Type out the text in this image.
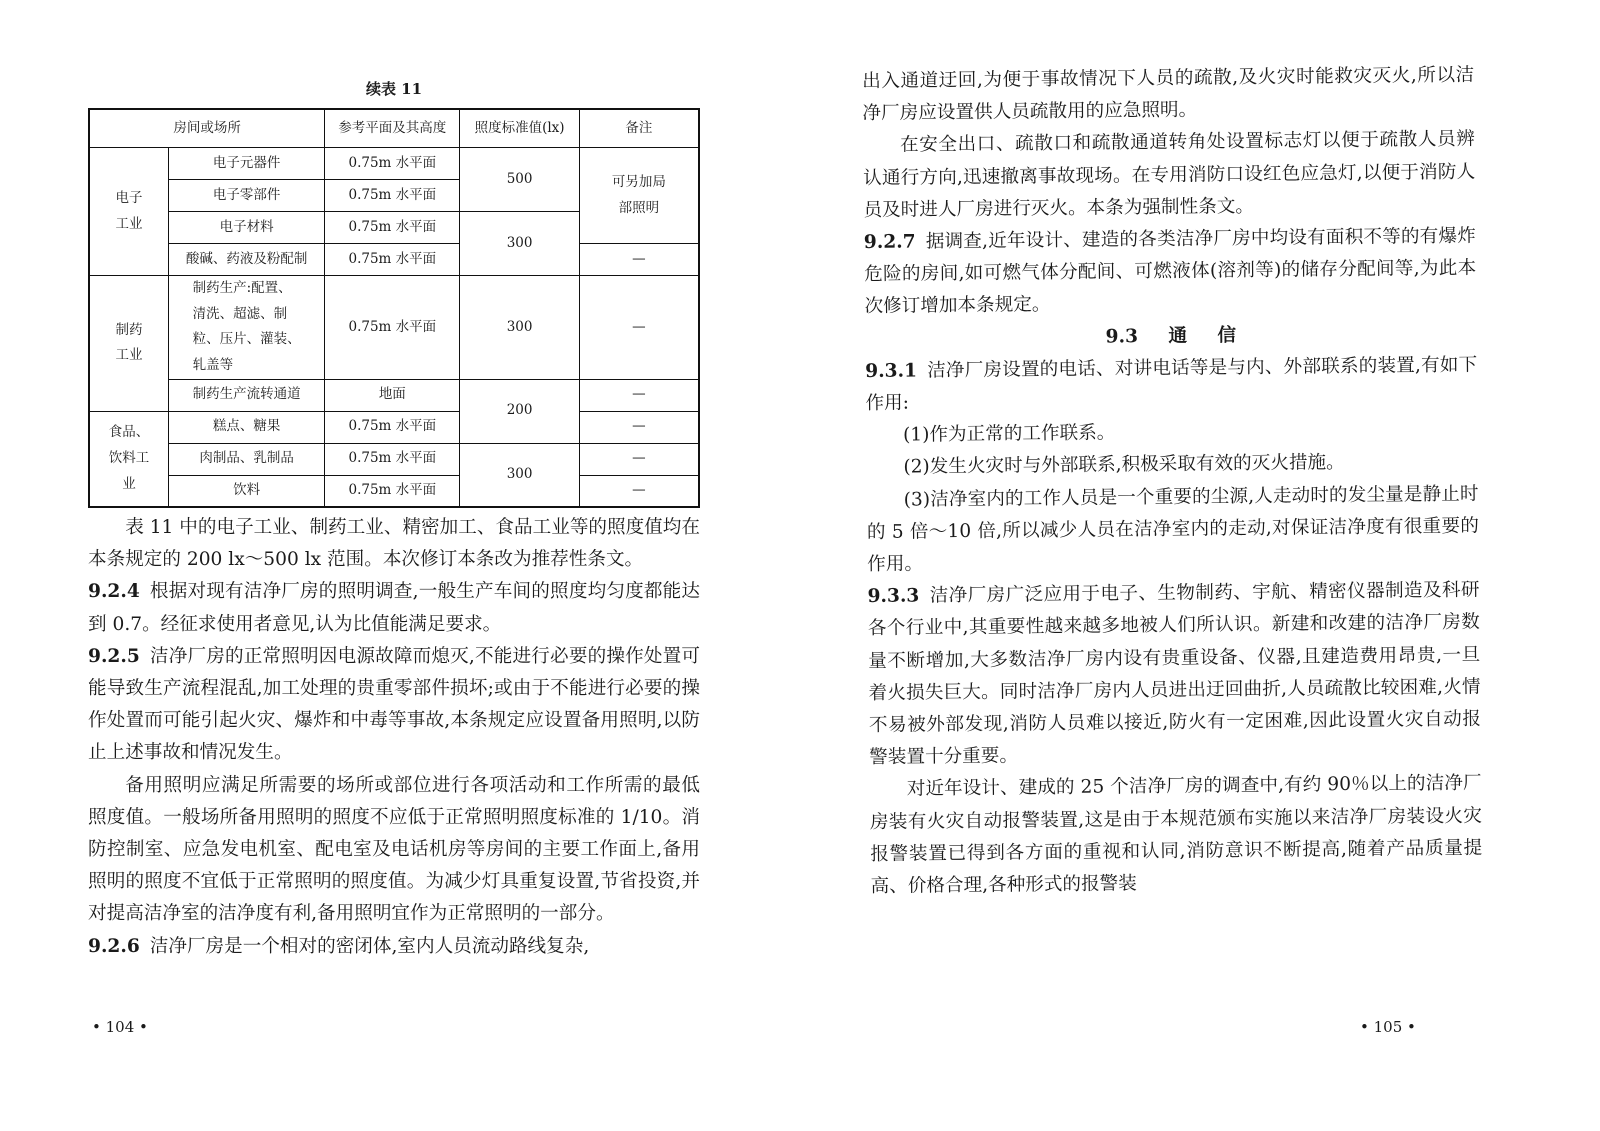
续表 11
房间或场所		参考平面及其高度	照度标准值(lx)	备注
电子工业	电子元器件	0.75m 水平面	500	可另加局部照明
	电子零部件	0.75m 水平面		
	电子材料	0.75m 水平面	300	
	酸碱、药液及粉配制	0.75m 水平面		—
制药工业	制药生产:配置、清洗、超滤、制粒、压片、灌装、轧盖等	0.75m 水平面	300	—
	制药生产流转通道	地面	200	—
食品、饮料工业	糕点、糖果	0.75m 水平面		—
	肉制品、乳制品	0.75m 水平面	300	—
	饮料	0.75m 水平面		—

表 11 中的电子工业、制药工业、精密加工、食品工业等的照度值均在本条规定的 200 lx～500 lx 范围。本次修订本条改为推荐性条文。

9.2.4 根据对现有洁净厂房的照明调查,一般生产车间的照度均匀度都能达到 0.7。经征求使用者意见,认为比值能满足要求。

9.2.5 洁净厂房的正常照明因电源故障而熄灭,不能进行必要的操作处置可能导致生产流程混乱,加工处理的贵重零部件损坏;或由于不能进行必要的操作处置而可能引起火灾、爆炸和中毒等事故,本条规定应设置备用照明,以防止上述事故和情况发生。

备用照明应满足所需要的场所或部位进行各项活动和工作所需的最低照度值。一般场所备用照明的照度不应低于正常照明照度标准的 1/10。消防控制室、应急发电机室、配电室及电话机房等房间的主要工作面上,备用照明的照度不宜低于正常照明的照度值。为减少灯具重复设置,节省投资,并对提高洁净室的洁净度有利,备用照明宜作为正常照明的一部分。

9.2.6 洁净厂房是一个相对的密闭体,室内人员流动路线复杂,

• 104 •

出入通道迂回,为便于事故情况下人员的疏散,及火灾时能救灾灭火,所以洁净厂房应设置供人员疏散用的应急照明。

在安全出口、疏散口和疏散通道转角处设置标志灯以便于疏散人员辨认通行方向,迅速撤离事故现场。在专用消防口设红色应急灯,以便于消防人员及时进人厂房进行灭火。本条为强制性条文。

9.2.7 据调查,近年设计、建造的各类洁净厂房中均设有面积不等的有爆炸危险的房间,如可燃气体分配间、可燃液体(溶剂等)的储存分配间等,为此本次修订增加本条规定。

9.3 通 信

9.3.1 洁净厂房设置的电话、对讲电话等是与内、外部联系的装置,有如下作用:

(1)作为正常的工作联系。

(2)发生火灾时与外部联系,积极采取有效的灭火措施。

(3)洁净室内的工作人员是一个重要的尘源,人走动时的发尘量是静止时的 5 倍～10 倍,所以减少人员在洁净室内的走动,对保证洁净度有很重要的作用。

9.3.3 洁净厂房广泛应用于电子、生物制药、宇航、精密仪器制造及科研各个行业中,其重要性越来越多地被人们所认识。新建和改建的洁净厂房数量不断增加,大多数洁净厂房内设有贵重设备、仪器,且建造费用昂贵,一旦着火损失巨大。同时洁净厂房内人员进出迂回曲折,人员疏散比较困难,火情不易被外部发现,消防人员难以接近,防火有一定困难,因此设置火灾自动报警装置十分重要。

对近年设计、建成的 25 个洁净厂房的调查中,有约 90％以上的洁净厂房装有火灾自动报警装置,这是由于本规范颁布实施以来洁净厂房装设火灾报警装置已得到各方面的重视和认同,消防意识不断提高,随着产品质量提高、价格合理,各种形式的报警装

• 105 •
